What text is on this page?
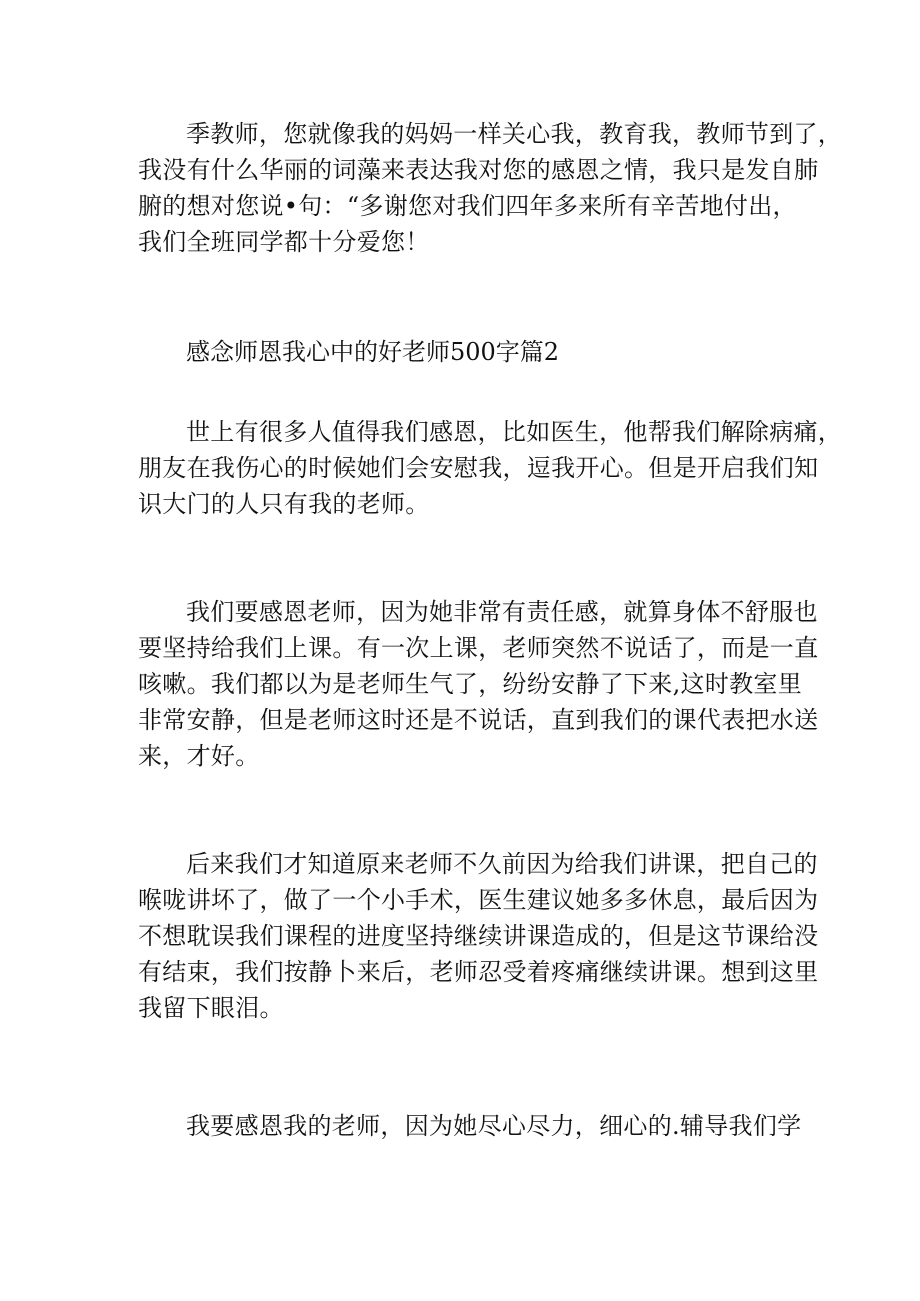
季教师，您就像我的妈妈一样关心我，教育我，教师节到了，
我没有什么华丽的词藻来表达我对您的感恩之情，我只是发自肺
腑的想对您说•句：“多谢您对我们四年多来所有辛苦地付出，
我们全班同学都十分爱您！

感念师恩我心中的好老师500字篇2

世上有很多人值得我们感恩，比如医生，他帮我们解除病痛，
朋友在我伤心的时候她们会安慰我，逗我开心。但是开启我们知
识大门的人只有我的老师。

我们要感恩老师，因为她非常有责任感，就算身体不舒服也
要坚持给我们上课。有一次上课，老师突然不说话了，而是一直
咳嗽。我们都以为是老师生气了，纷纷安静了下来,这时教室里
非常安静，但是老师这时还是不说话，直到我们的课代表把水送
来，才好。

后来我们才知道原来老师不久前因为给我们讲课，把自己的
喉咙讲坏了，做了一个小手术，医生建议她多多休息，最后因为
不想耽误我们课程的进度坚持继续讲课造成的，但是这节课给没
有结束，我们按静卜来后，老师忍受着疼痛继续讲课。想到这里
我留下眼泪。

我要感恩我的老师，因为她尽心尽力，细心的.辅导我们学
